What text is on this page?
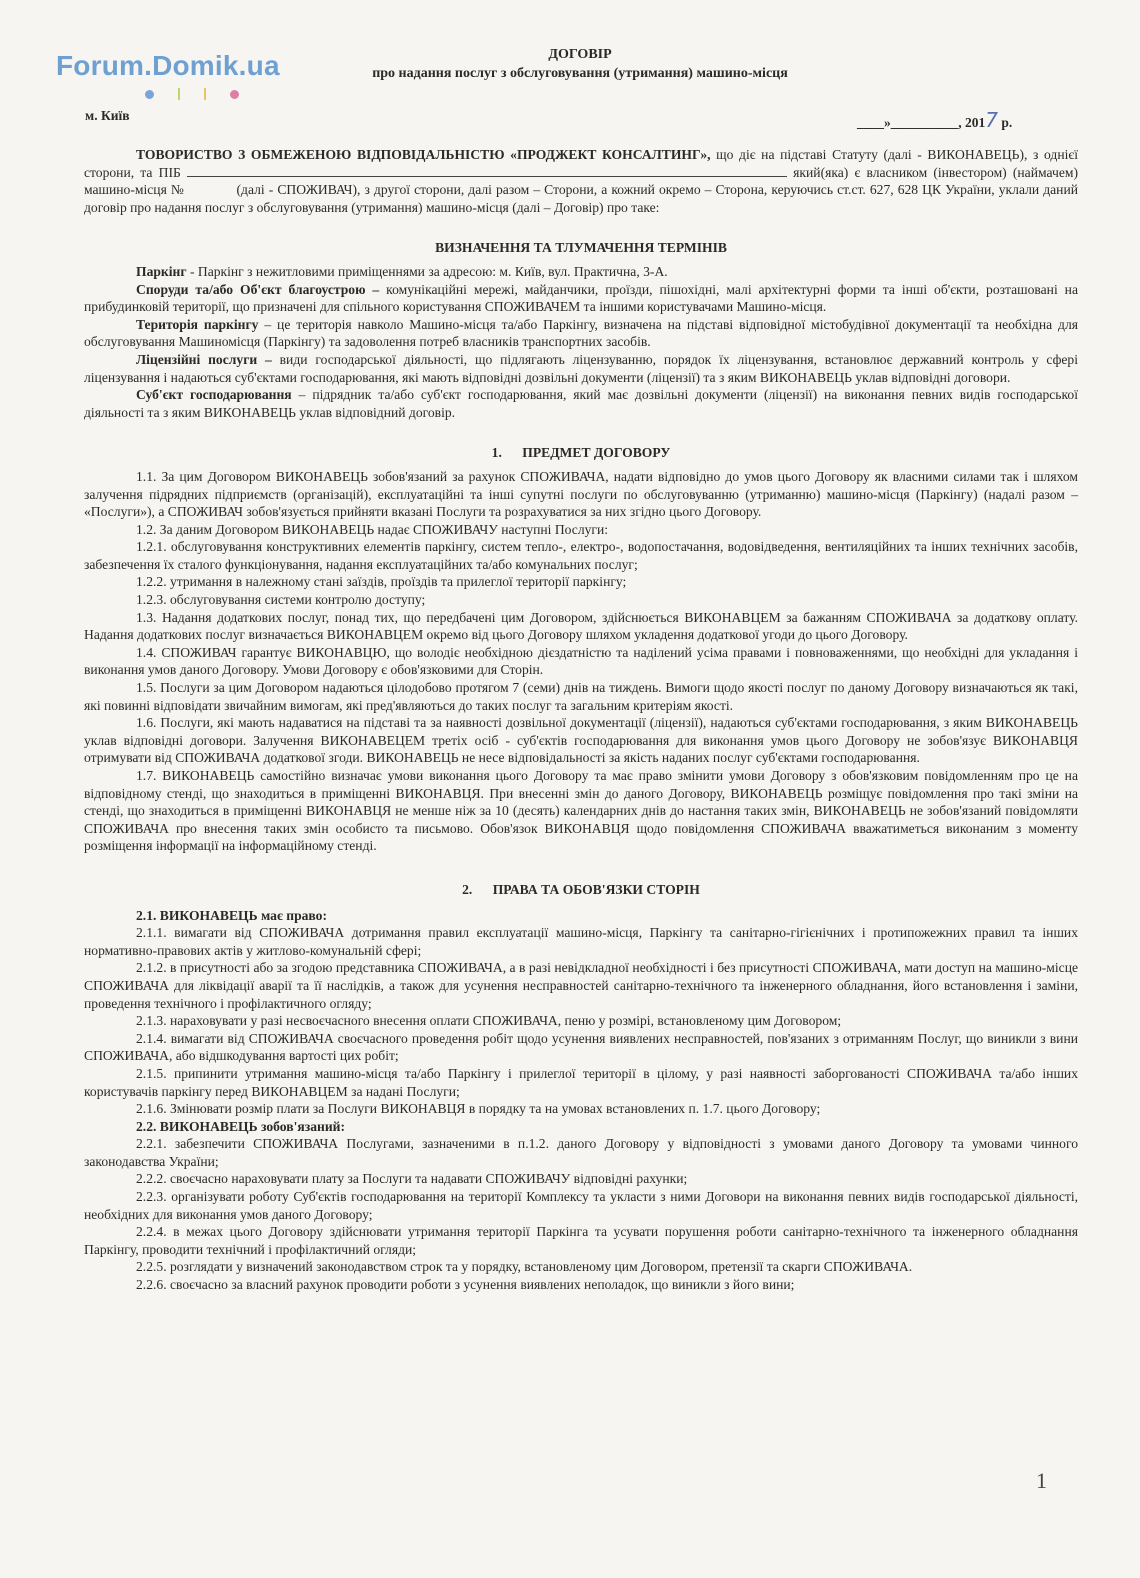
Forum.Domik.ua	ДОГОВІР
про надання послуг з обслуговування (утримання) машино-місця
м. Київ	____»__________, 2017 р.

ТОВОРИСТВО З ОБМЕЖЕНОЮ ВІДПОВІДАЛЬНІСТЮ «ПРОДЖЕКТ КОНСАЛТИНГ», що діє на підставі Статуту (далі - ВИКОНАВЕЦЬ), з однієї сторони, та ПІБ	який(яка) є власником (інвестором) (наймачем) машино-місця №	(далі - СПОЖИВАЧ), з другої сторони, далі разом – Сторони, а кожний окремо – Сторона, керуючись ст.ст. 627, 628 ЦК України, уклали даний договір про надання послуг з обслуговування (утримання) машино-місця (далі – Договір) про таке:

ВИЗНАЧЕННЯ ТА ТЛУМАЧЕННЯ ТЕРМІНІВ

Паркінг - Паркінг з нежитловими приміщеннями за адресою: м. Київ, вул. Практична, 3-А.

Споруди та/або Об'єкт благоустрою – комунікаційні мережі, майданчики, проїзди, пішохідні, малі архітектурні форми та інші об'єкти, розташовані на прибудинковій території, що призначені для спільного користування СПОЖИВАЧЕМ та іншими користувачами Машино-місця.

Територія паркінгу – це територія навколо Машино-місця та/або Паркінгу, визначена на підставі відповідної містобудівної документації та необхідна для обслуговування Машиномісця (Паркінгу) та задоволення потреб власників транспортних засобів.

Ліцензійні послуги – види господарської діяльності, що підлягають ліцензуванню, порядок їх ліцензування, встановлює державний контроль у сфері ліцензування і надаються суб'єктами господарювання, які мають відповідні дозвільні документи (ліцензії) та з яким ВИКОНАВЕЦЬ уклав відповідні договори.

Суб'єкт господарювання – підрядник та/або суб'єкт господарювання, який має дозвільні документи (ліцензії) на виконання певних видів господарської діяльності та з яким ВИКОНАВЕЦЬ уклав відповідний договір.

1.      ПРЕДМЕТ ДОГОВОРУ

1.1. За цим Договором ВИКОНАВЕЦЬ зобов'язаний за рахунок СПОЖИВАЧА, надати відповідно до умов цього Договору як власними силами так і шляхом залучення підрядних підприємств (організацій), експлуатаційні та інші супутні послуги по обслуговуванню (утриманню) машино-місця (Паркінгу) (надалі разом – «Послуги»), а СПОЖИВАЧ зобов'язується прийняти вказані Послуги та розрахуватися за них згідно цього Договору.

1.2. За даним Договором ВИКОНАВЕЦЬ надає СПОЖИВАЧУ наступні Послуги:

1.2.1. обслуговування конструктивних елементів паркінгу, систем тепло-, електро-, водопостачання, водовідведення, вентиляційних та інших технічних засобів, забезпечення їх сталого функціонування, надання експлуатаційних та/або комунальних послуг;

1.2.2. утримання в належному стані заїздів, проїздів та прилеглої території паркінгу;

1.2.3. обслуговування системи контролю доступу;

1.3. Надання додаткових послуг, понад тих, що передбачені цим Договором, здійснюється ВИКОНАВЦЕМ за бажанням СПОЖИВАЧА за додаткову оплату. Надання додаткових послуг визначається ВИКОНАВЦЕМ окремо від цього Договору шляхом укладення додаткової угоди до цього Договору.

1.4. СПОЖИВАЧ гарантує ВИКОНАВЦЮ, що володіє необхідною дієздатністю та наділений усіма правами і повноваженнями, що необхідні для укладання і виконання умов даного Договору. Умови Договору є обов'язковими для Сторін.

1.5. Послуги за цим Договором надаються цілодобово протягом 7 (семи) днів на тиждень. Вимоги щодо якості послуг по даному Договору визначаються як такі, які повинні відповідати звичайним вимогам, які пред'являються до таких послуг та загальним критеріям якості.

1.6. Послуги, які мають надаватися на підставі та за наявності дозвільної документації (ліцензії), надаються суб'єктами господарювання, з яким ВИКОНАВЕЦЬ уклав відповідні договори. Залучення ВИКОНАВЕЦЕМ третіх осіб - суб'єктів господарювання для виконання умов цього Договору не зобов'язує ВИКОНАВЦЯ отримувати від СПОЖИВАЧА додаткової згоди. ВИКОНАВЕЦЬ не несе відповідальності за якість наданих послуг суб'єктами господарювання.

1.7. ВИКОНАВЕЦЬ самостійно визначає умови виконання цього Договору та має право змінити умови Договору з обов'язковим повідомленням про це на відповідному стенді, що знаходиться в приміщенні ВИКОНАВЦЯ. При внесенні змін до даного Договору, ВИКОНАВЕЦЬ розміщує повідомлення про такі зміни на стенді, що знаходиться в приміщенні ВИКОНАВЦЯ не менше ніж за 10 (десять) календарних днів до настання таких змін, ВИКОНАВЕЦЬ не зобов'язаний повідомляти СПОЖИВАЧА про внесення таких змін особисто та письмово. Обов'язок ВИКОНАВЦЯ щодо повідомлення СПОЖИВАЧА вважатиметься виконаним з моменту розміщення інформації на інформаційному стенді.

2.      ПРАВА ТА ОБОВ'ЯЗКИ СТОРІН

2.1. ВИКОНАВЕЦЬ має право:

2.1.1. вимагати від СПОЖИВАЧА дотримання правил експлуатації машино-місця, Паркінгу та санітарно-гігієнічних і протипожежних правил та інших нормативно-правових актів у житлово-комунальній сфері;

2.1.2. в присутності або за згодою представника СПОЖИВАЧА, а в разі невідкладної необхідності і без присутності СПОЖИВАЧА, мати доступ на машино-місце СПОЖИВАЧА для ліквідації аварії та її наслідків, а також для усунення несправностей санітарно-технічного та інженерного обладнання, його встановлення і заміни, проведення технічного і профілактичного огляду;

2.1.3. нараховувати у разі несвоєчасного внесення оплати СПОЖИВАЧА, пеню у розмірі, встановленому цим Договором;

2.1.4. вимагати від СПОЖИВАЧА своєчасного проведення робіт щодо усунення виявлених несправностей, пов'язаних з отриманням Послуг, що виникли з вини СПОЖИВАЧА, або відшкодування вартості цих робіт;

2.1.5. припинити утримання машино-місця та/або Паркінгу і прилеглої території в цілому, у разі наявності заборгованості СПОЖИВАЧА та/або інших користувачів паркінгу перед ВИКОНАВЦЕМ за надані Послуги;

2.1.6. Змінювати розмір плати за Послуги ВИКОНАВЦЯ в порядку та на умовах встановлених п. 1.7. цього Договору;

2.2. ВИКОНАВЕЦЬ зобов'язаний:

2.2.1. забезпечити СПОЖИВАЧА Послугами, зазначеними в п.1.2. даного Договору у відповідності з умовами даного Договору та умовами чинного законодавства України;

2.2.2. своєчасно нараховувати плату за Послуги та надавати СПОЖИВАЧУ відповідні рахунки;

2.2.3. організувати роботу Суб'єктів господарювання на території Комплексу та укласти з ними Договори на виконання певних видів господарської діяльності, необхідних для виконання умов даного Договору;

2.2.4. в межах цього Договору здійснювати утримання території Паркінга та усувати порушення роботи санітарно-технічного та інженерного обладнання Паркінгу, проводити технічний і профілактичний огляди;

2.2.5. розглядати у визначений законодавством строк та у порядку, встановленому цим Договором, претензії та скарги СПОЖИВАЧА.

2.2.6. своєчасно за власний рахунок проводити роботи з усунення виявлених неполадок, що виникли з його вини;

1
